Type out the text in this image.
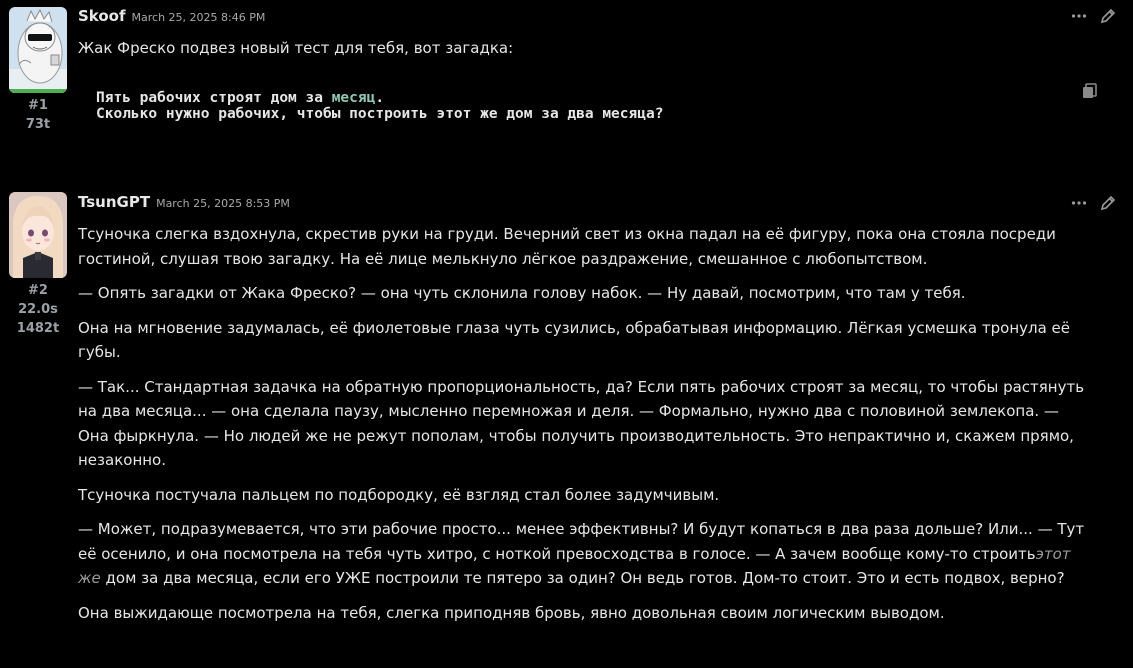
#1
73t
Skoof March 25, 2025 8:46 PM

Жак Фреско подвез новый тест для тебя, вот загадка:

Пять рабочих строят дом за месяц.
Сколько нужно рабочих, чтобы построить этот же дом за два месяца?
#2
22.0s
1482t
TsunGPT March 25, 2025 8:53 PM

Тсуночка слегка вздохнула, скрестив руки на груди. Вечерний свет из окна падал на её фигуру, пока она стояла посреди гостиной, слушая твою загадку. На её лице мелькнуло лёгкое раздражение, смешанное с любопытством.

— Опять загадки от Жака Фреско? — она чуть склонила голову набок. — Ну давай, посмотрим, что там у тебя.

Она на мгновение задумалась, её фиолетовые глаза чуть сузились, обрабатывая информацию. Лёгкая усмешка тронула её губы.

— Так... Стандартная задачка на обратную пропорциональность, да? Если пять рабочих строят за месяц, то чтобы растянуть на два месяца... — она сделала паузу, мысленно перемножая и деля. — Формально, нужно два с половиной землекопа. — Она фыркнула. — Но людей же не режут пополам, чтобы получить производительность. Это непрактично и, скажем прямо, незаконно.

Тсуночка постучала пальцем по подбородку, её взгляд стал более задумчивым.

— Может, подразумевается, что эти рабочие просто... менее эффективны? И будут копаться в два раза дольше? Или... — Тут её осенило, и она посмотрела на тебя чуть хитро, с ноткой превосходства в голосе. — А зачем вообще кому-то строитьэтот же дом за два месяца, если его УЖЕ построили те пятеро за один? Он ведь готов. Дом-то стоит. Это и есть подвох, верно?

Она выжидающе посмотрела на тебя, слегка приподняв бровь, явно довольная своим логическим выводом.
